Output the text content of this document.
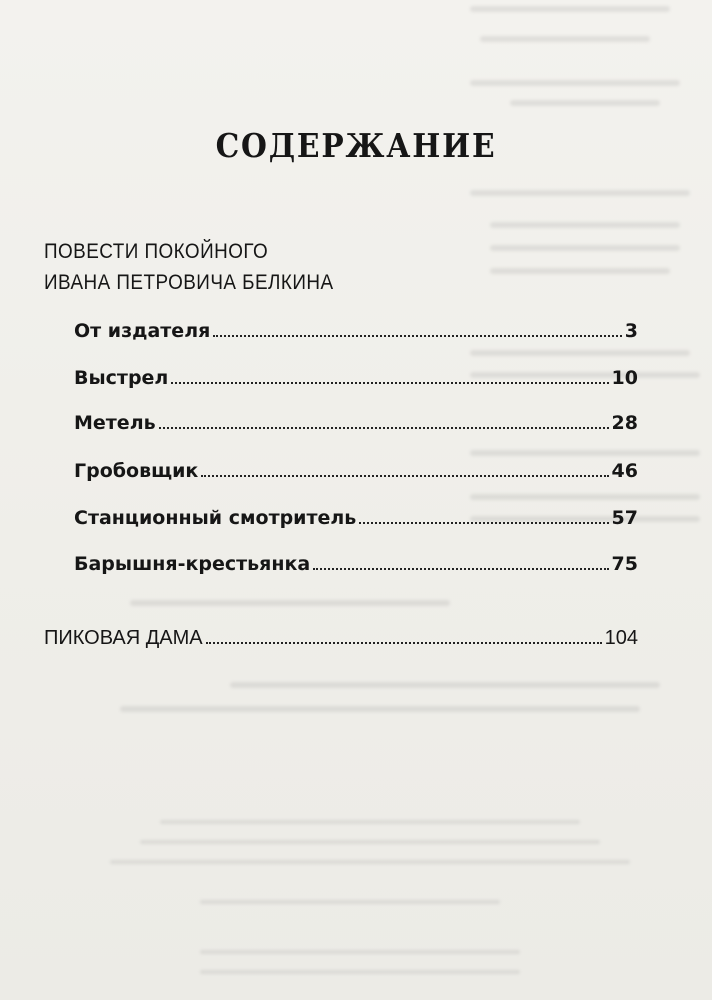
СОДЕРЖАНИЕ
ПОВЕСТИ ПОКОЙНОГО
ИВАНА ПЕТРОВИЧА БЕЛКИНА
От издателя	3
Выстрел	10
Метель	28
Гробовщик	46
Станционный смотритель	57
Барышня-крестьянка	75
ПИКОВАЯ ДАМА	104
